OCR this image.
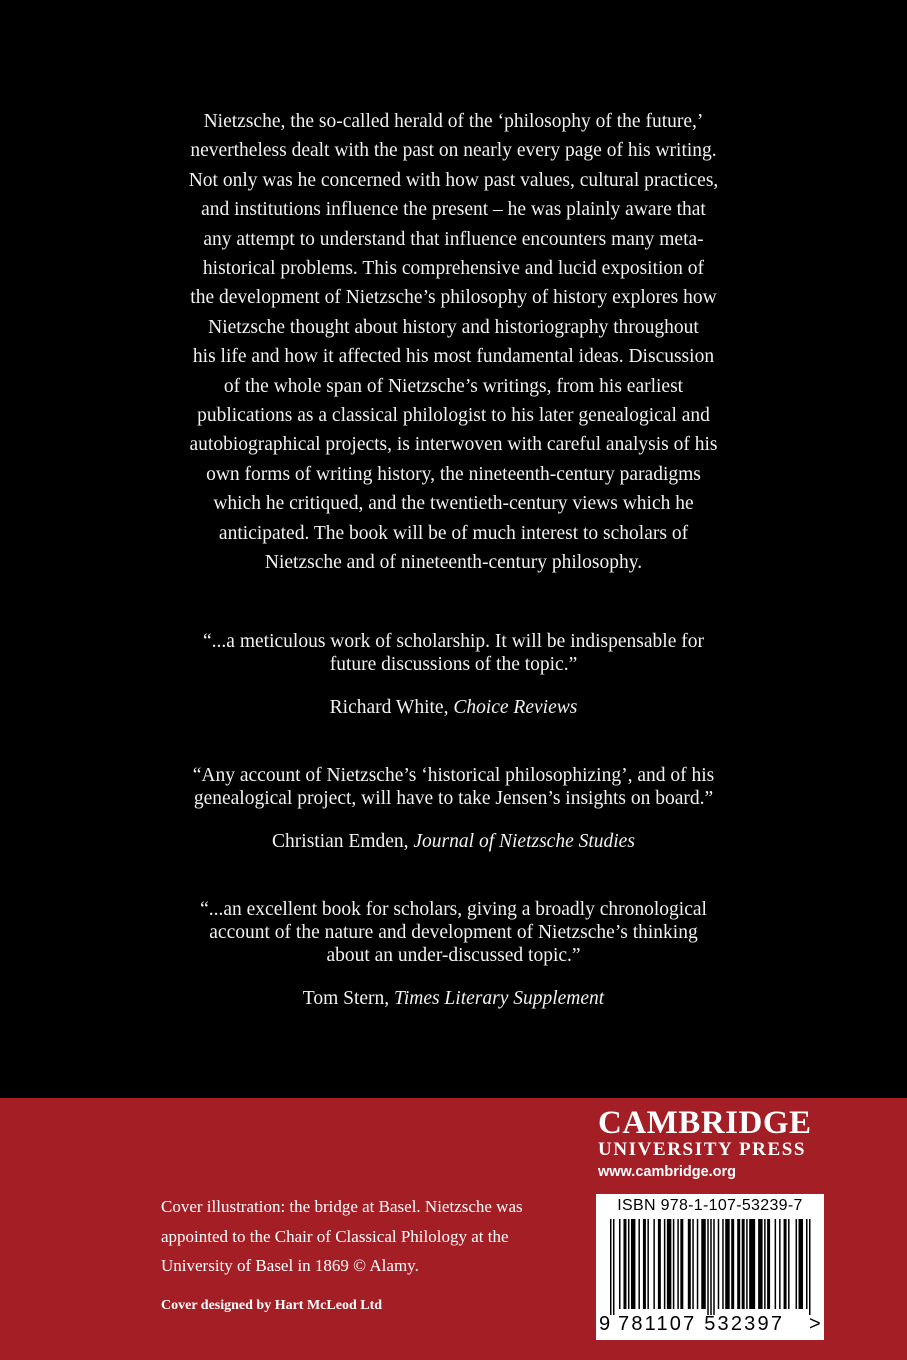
Nietzsche, the so-called herald of the ‘philosophy of the future,’
nevertheless dealt with the past on nearly every page of his writing.
Not only was he concerned with how past values, cultural practices,
and institutions influence the present – he was plainly aware that
any attempt to understand that influence encounters many meta-
historical problems. This comprehensive and lucid exposition of
the development of Nietzsche’s philosophy of history explores how
Nietzsche thought about history and historiography throughout
his life and how it affected his most fundamental ideas. Discussion
of the whole span of Nietzsche’s writings, from his earliest
publications as a classical philologist to his later genealogical and
autobiographical projects, is interwoven with careful analysis of his
own forms of writing history, the nineteenth-century paradigms
which he critiqued, and the twentieth-century views which he
anticipated. The book will be of much interest to scholars of
Nietzsche and of nineteenth-century philosophy.
“...a meticulous work of scholarship. It will be indispensable for
future discussions of the topic.”
Richard White, Choice Reviews
“Any account of Nietzsche’s ‘historical philosophizing’, and of his
genealogical project, will have to take Jensen’s insights on board.”
Christian Emden, Journal of Nietzsche Studies
“...an excellent book for scholars, giving a broadly chronological
account of the nature and development of Nietzsche’s thinking
about an under-discussed topic.”
Tom Stern, Times Literary Supplement
CAMBRIDGE
UNIVERSITY PRESS
www.cambridge.org
Cover illustration: the bridge at Basel. Nietzsche was
appointed to the Chair of Classical Philology at the
University of Basel in 1869 © Alamy.
Cover designed by Hart McLeod Ltd
ISBN 978-1-107-53239-7
9 781107 532397 >
